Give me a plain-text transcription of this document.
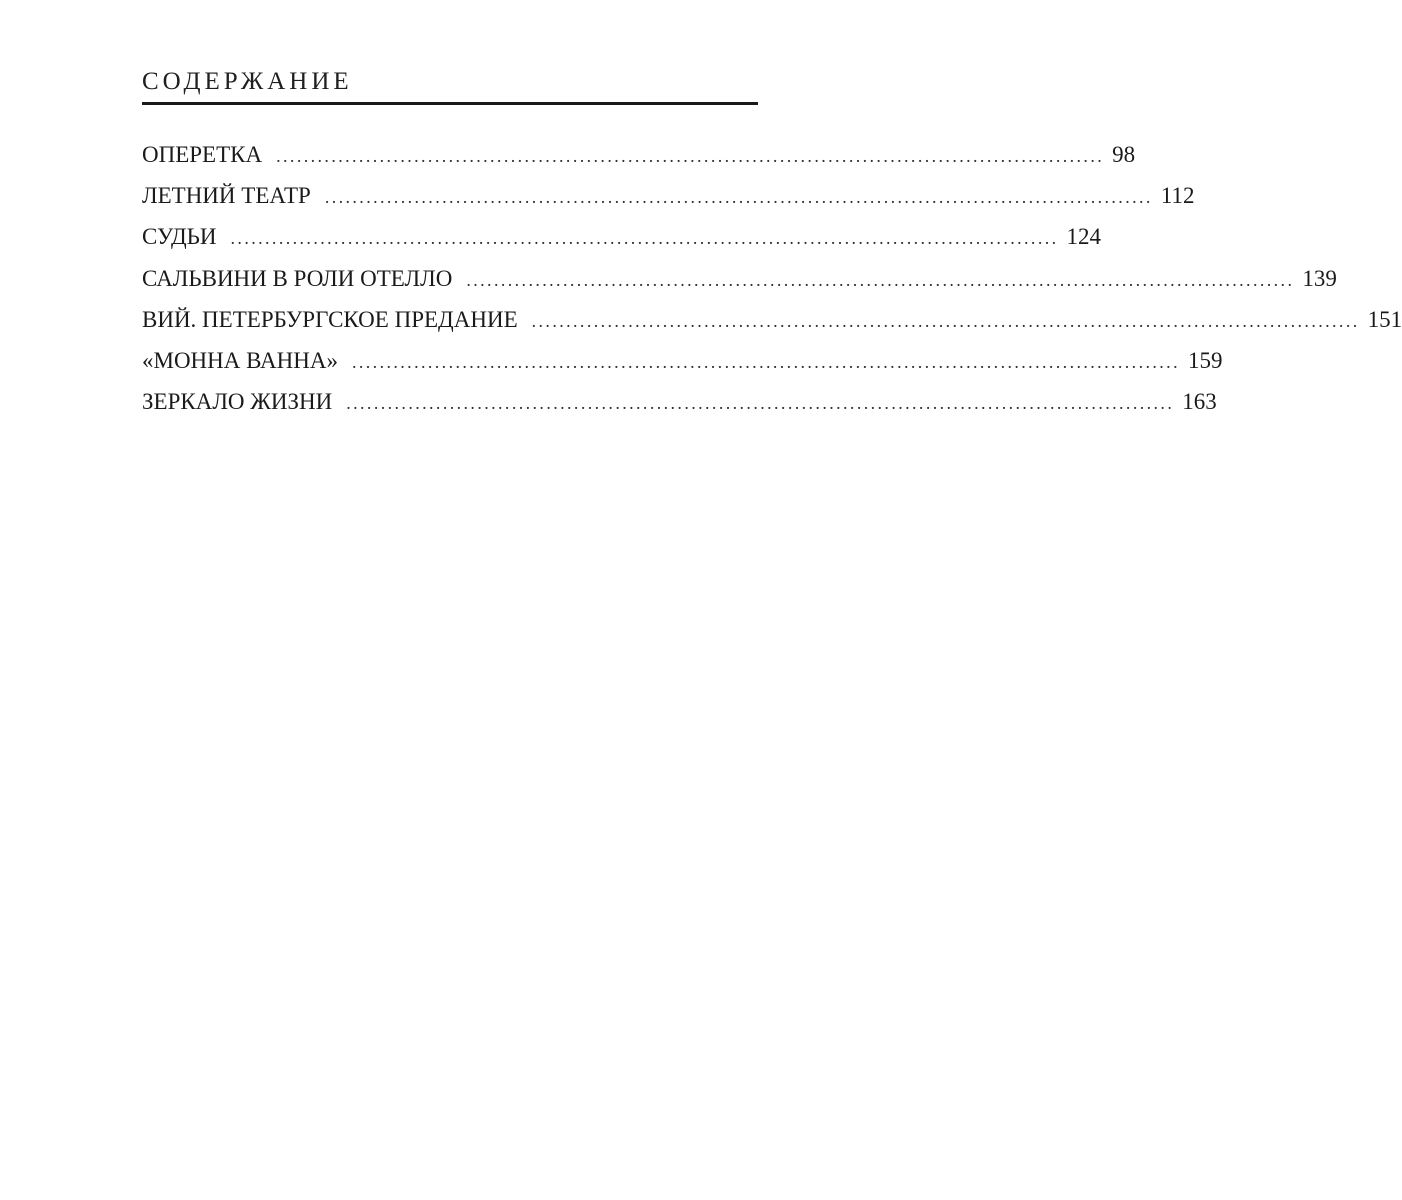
СОДЕРЖАНИЕ
ОПЕРЕТКА ........................................................................................................................ 98
ЛЕТНИЙ ТЕАТР ........................................................................................................................ 112
СУДЬИ ........................................................................................................................ 124
САЛЬВИНИ В РОЛИ ОТЕЛЛО ........................................................................................................................ 139
ВИЙ. ПЕТЕРБУРГСКОЕ ПРЕДАНИЕ ........................................................................................................................ 151
«МОННА ВАННА» ........................................................................................................................ 159
ЗЕРКАЛО ЖИЗНИ ........................................................................................................................ 163
